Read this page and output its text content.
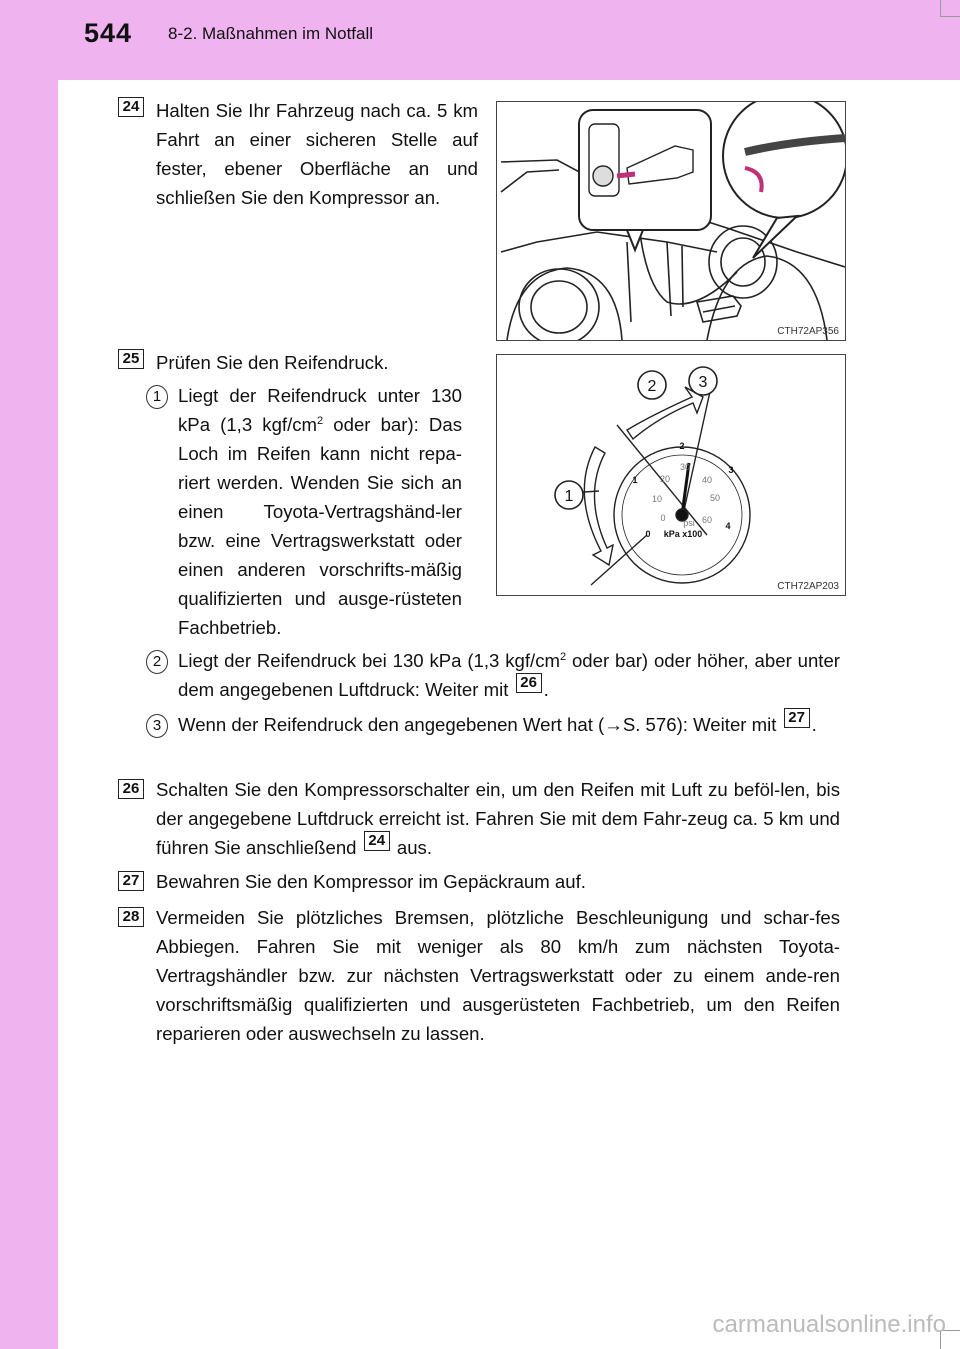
544 8-2. Maßnahmen im Notfall
24 Halten Sie Ihr Fahrzeug nach ca. 5 km Fahrt an einer sicheren Stelle auf fester, ebener Oberfläche an und schließen Sie den Kompressor an.
CTH72AP356
25 Prüfen Sie den Reifendruck.
1 Liegt der Reifendruck unter 130 kPa (1,3 kgf/$cm^2$ oder bar): Das Loch im Reifen kann nicht repa-riert werden. Wenden Sie sich an einen Toyota-Vertragshänd-ler bzw. eine Vertragswerkstatt oder einen anderen vorschrifts-mäßig qualifizierten und ausge-rüsteten Fachbetrieb.
1
2	3
0
1
2
3
4
0
10
20
30
40
50
60
psi
kPa x100
CTH72AP203
2 Liegt der Reifendruck bei 130 kPa (1,3 kgf/$cm^2$ oder bar) oder höher, aber unter dem angegebenen Luftdruck: Weiter mit 26 .
3 Wenn der Reifendruck den angegebenen Wert hat (→S. 576): Weiter mit 27 .
26 Schalten Sie den Kompressorschalter ein, um den Reifen mit Luft zu beföl-len, bis der angegebene Luftdruck erreicht ist. Fahren Sie mit dem Fahr-zeug ca. 5 km und führen Sie anschließend 24 aus.
27 Bewahren Sie den Kompressor im Gepäckraum auf.
28 Vermeiden Sie plötzliches Bremsen, plötzliche Beschleunigung und schar-fes Abbiegen. Fahren Sie mit weniger als 80 km/h zum nächsten Toyota-Vertragshändler bzw. zur nächsten Vertragswerkstatt oder zu einem ande-ren vorschriftsmäßig qualifizierten und ausgerüsteten Fachbetrieb, um den Reifen reparieren oder auswechseln zu lassen.
carmanualsonline.info
